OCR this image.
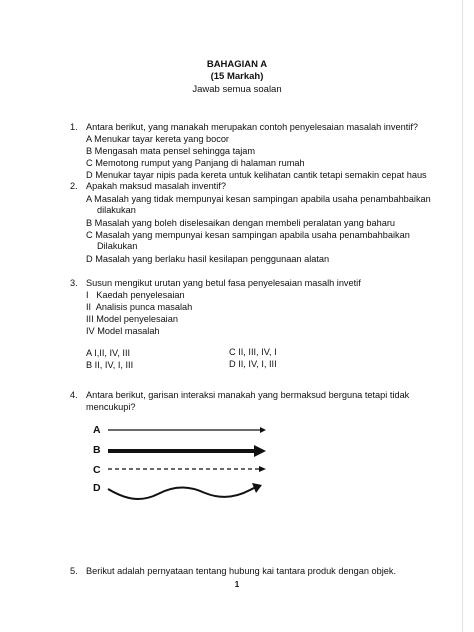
BAHAGIAN A
(15 Markah)
Jawab semua soalan
1. Antara berikut, yang manakah merupakan contoh penyelesaian masalah inventif?
A Menukar tayar kereta yang bocor
B Mengasah mata pensel sehingga tajam
C Memotong rumput yang Panjang di halaman rumah
D Menukar tayar nipis pada kereta untuk kelihatan cantik tetapi semakin cepat haus
2. Apakah maksud masalah inventif?
A Masalah yang tidak mempunyai kesan sampingan apabila usaha penambahbaikan
dilakukan
B Masalah yang boleh diselesaikan dengan membeli peralatan yang baharu
C Masalah yang mempunyai kesan sampingan apabila usaha penambahbaikan
Dilakukan
D Masalah yang berlaku hasil kesilapan penggunaan alatan
3. Susun mengikut urutan yang betul fasa penyelesaian masalh invetif
I   Kaedah penyelesaian
II  Analisis punca masalah
III Model penyelesaian
IV Model masalah
A I,II, IV, III	C II, III, IV, I
B II, IV, I, III	D II, IV, I, III
4. Antara berikut, garisan interaksi manakah yang bermaksud berguna tetapi tidak
mencukupi?
A
B
C
D
5. Berikut adalah pernyataan tentang hubung kai tantara produk dengan objek.
1
